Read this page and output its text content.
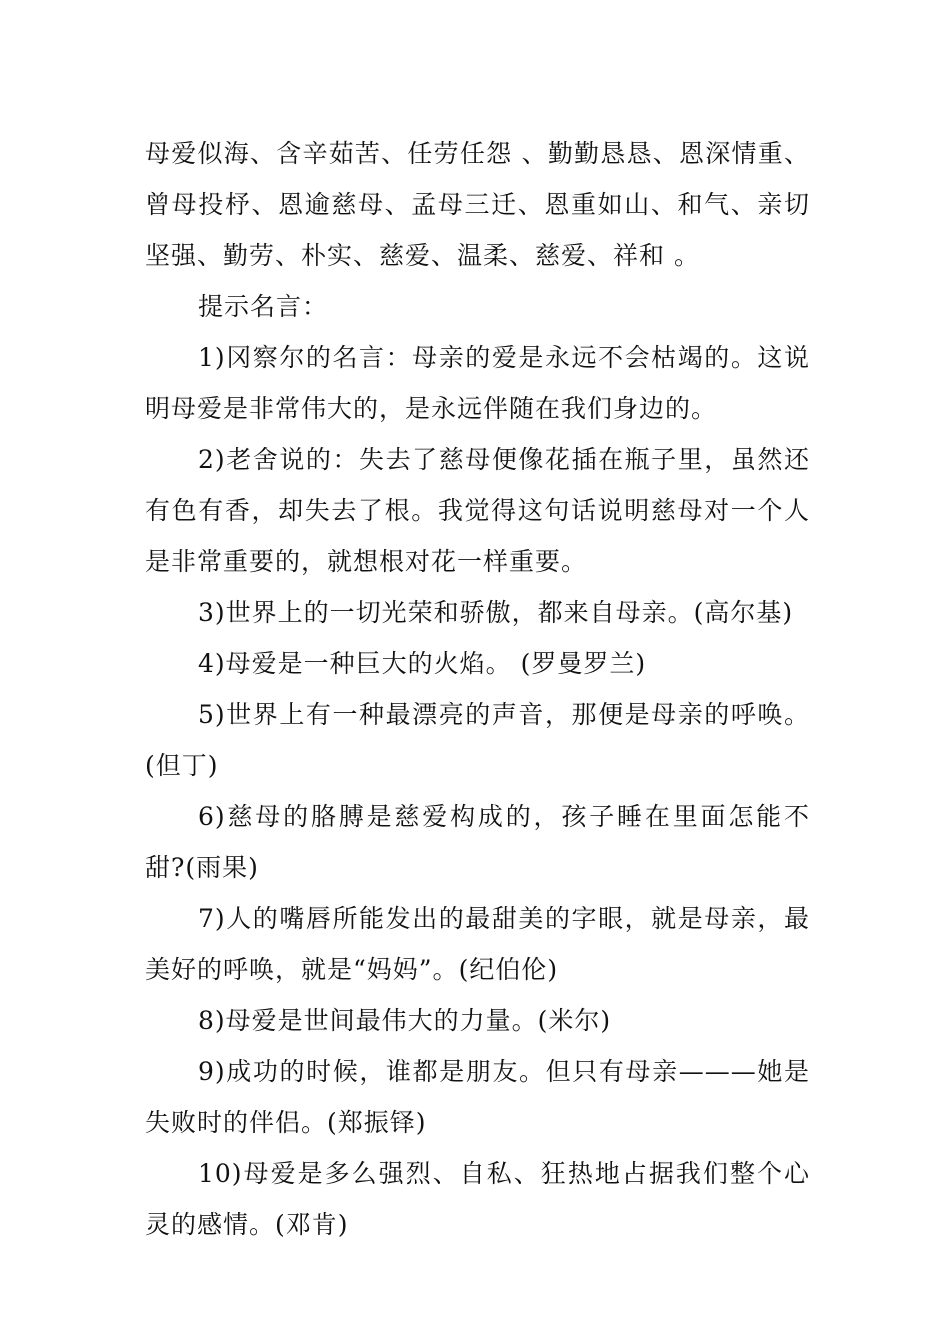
母爱似海、含辛茹苦、任劳任怨 、勤勤恳恳、恩深情重、曾母投杼、恩逾慈母、孟母三迁、恩重如山、和气、亲切坚强、勤劳、朴实、慈爱、温柔、慈爱、祥和 。

提示名言：

1)冈察尔的名言：母亲的爱是永远不会枯竭的。这说明母爱是非常伟大的，是永远伴随在我们身边的。

2)老舍说的：失去了慈母便像花插在瓶子里，虽然还有色有香，却失去了根。我觉得这句话说明慈母对一个人是非常重要的，就想根对花一样重要。

3)世界上的一切光荣和骄傲，都来自母亲。(高尔基)

4)母爱是一种巨大的火焰。 (罗曼罗兰)

5)世界上有一种最漂亮的声音，那便是母亲的呼唤。(但丁)

6)慈母的胳膊是慈爱构成的，孩子睡在里面怎能不甜?(雨果)

7)人的嘴唇所能发出的最甜美的字眼，就是母亲，最美好的呼唤，就是“妈妈”。(纪伯伦)

8)母爱是世间最伟大的力量。(米尔)

9)成功的时候，谁都是朋友。但只有母亲———她是失败时的伴侣。(郑振铎)

10)母爱是多么强烈、自私、狂热地占据我们整个心灵的感情。(邓肯)
